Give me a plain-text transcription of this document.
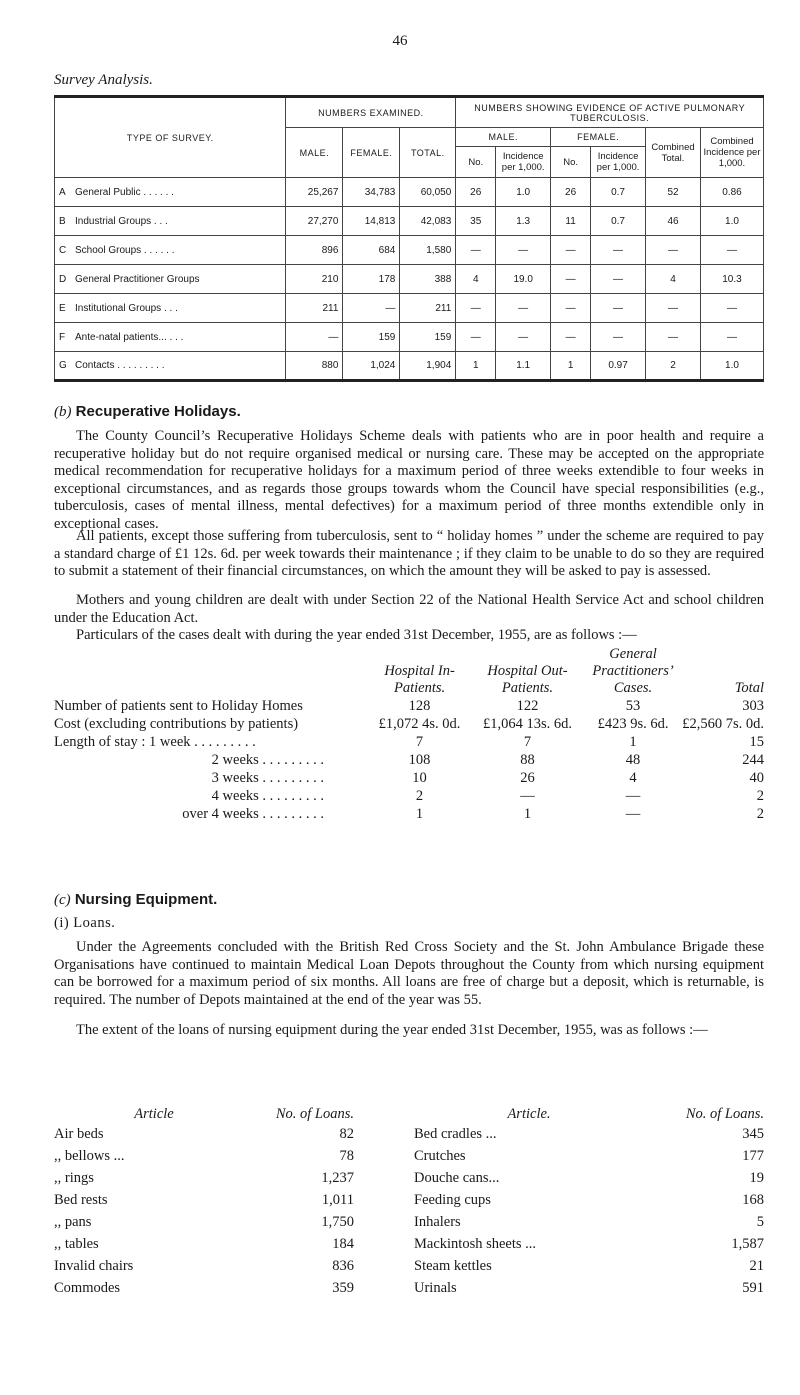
46
Survey Analysis.
TYPE OF SURVEY.	NUMBERS EXAMINED.			NUMBERS SHOWING EVIDENCE OF ACTIVE PULMONARY TUBERCULOSIS.					
	MALE.	FEMALE.	TOTAL.	MALE.		FEMALE.		Combined Total.	Combined Incidence per 1,000.
				No.	Incidence per 1,000.	No.	Incidence per 1,000.		
A General Public . . . . . .	25,267	34,783	60,050	26	1.0	26	0.7	52	0.86
B Industrial Groups . . .	27,270	14,813	42,083	35	1.3	11	0.7	46	1.0
C School Groups . . . . . .	896	684	1,580	—	—	—	—	—	—
D General Practitioner Groups	210	178	388	4	19.0	—	—	4	10.3
E Institutional Groups . . .	211	—	211	—	—	—	—	—	—
F Ante-natal patients... . . .	—	159	159	—	—	—	—	—	—
G Contacts . . . . . . . . .	880	1,024	1,904	1	1.1	1	0.97	2	1.0
(b) Recuperative Holidays.

The County Council’s Recuperative Holidays Scheme deals with patients who are in poor health and require a recuperative holiday but do not require organised medical or nursing care. These may be accepted on the appropriate medical recommendation for recuperative holidays for a maximum period of three weeks extendible to four weeks in exceptional circumstances, and as regards those groups towards whom the Council have special responsibilities (e.g., tuberculosis, cases of mental illness, mental defectives) for a maximum period of three months extendible only in exceptional cases.

All patients, except those suffering from tuberculosis, sent to “ holiday homes ” under the scheme are required to pay a standard charge of £1 12s. 6d. per week towards their maintenance ; if they claim to be unable to do so they are required to submit a statement of their financial circumstances, on which the amount they will be asked to pay is assessed.

Mothers and young children are dealt with under Section 22 of the National Health Service Act and school children under the Education Act.

Particulars of the cases dealt with during the year ended 31st December, 1955, are as follows :—

	Hospital In-Patients.	Hospital Out-Patients.	General Practitioners’ Cases.	Total
Number of patients sent to Holiday Homes	128	122	53	303
Cost (excluding contributions by patients)	£1,072 4s. 0d.	£1,064 13s. 6d.	£423 9s. 6d.	£2,560 7s. 0d.
Length of stay : 1 week . . . . . . . . .	7	7	1	15
2 weeks . . . . . . . . .	108	88	48	244
3 weeks . . . . . . . . .	10	26	4	40
4 weeks . . . . . . . . .	2	—	—	2
over 4 weeks . . . . . . . . .	1	1	—	2
(c) Nursing Equipment.
(i) Loans.

Under the Agreements concluded with the British Red Cross Society and the St. John Ambulance Brigade these Organisations have continued to maintain Medical Loan Depots throughout the County from which nursing equipment can be borrowed for a maximum period of six months. All loans are free of charge but a deposit, which is returnable, is required. The number of Depots maintained at the end of the year was 55.

The extent of the loans of nursing equipment during the year ended 31st December, 1955, was as follows :—

Article	No. of Loans.		Article.	No. of Loans.
Air beds	82		Bed cradles ...	345
,, bellows ...	78		Crutches	177
,, rings	1,237		Douche cans...	19
Bed rests	1,011		Feeding cups	168
,, pans	1,750		Inhalers	5
,, tables	184		Mackintosh sheets ...	1,587
Invalid chairs	836		Steam kettles	21
Commodes	359		Urinals	591
